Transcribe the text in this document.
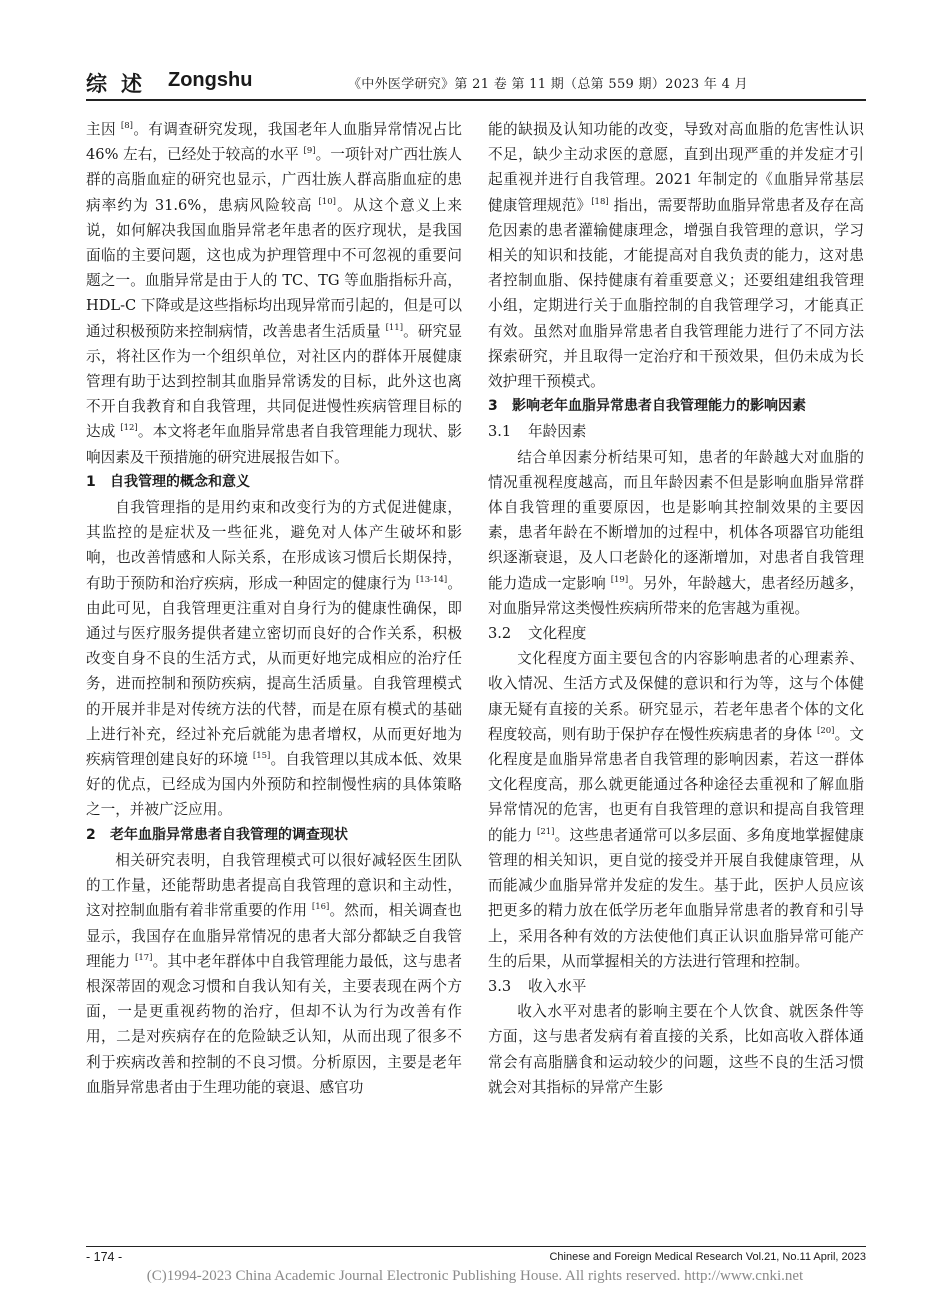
综述 Zongshu	《中外医学研究》第 21 卷 第 11 期（总第 559 期）2023 年 4 月

主因 [8]。有调查研究发现，我国老年人血脂异常情况占比 46% 左右，已经处于较高的水平 [9]。一项针对广西壮族人群的高脂血症的研究也显示，广西壮族人群高脂血症的患病率约为 31.6%，患病风险较高 [10]。从这个意义上来说，如何解决我国血脂异常老年患者的医疗现状，是我国面临的主要问题，这也成为护理管理中不可忽视的重要问题之一。血脂异常是由于人的 TC、TG 等血脂指标升高，HDL-C 下降或是这些指标均出现异常而引起的，但是可以通过积极预防来控制病情，改善患者生活质量 [11]。研究显示，将社区作为一个组织单位，对社区内的群体开展健康管理有助于达到控制其血脂异常诱发的目标，此外这也离不开自我教育和自我管理，共同促进慢性疾病管理目标的达成 [12]。本文将老年血脂异常患者自我管理能力现状、影响因素及干预措施的研究进展报告如下。

1 自我管理的概念和意义

自我管理指的是用约束和改变行为的方式促进健康，其监控的是症状及一些征兆，避免对人体产生破坏和影响，也改善情感和人际关系，在形成该习惯后长期保持，有助于预防和治疗疾病，形成一种固定的健康行为 [13-14]。由此可见，自我管理更注重对自身行为的健康性确保，即通过与医疗服务提供者建立密切而良好的合作关系，积极改变自身不良的生活方式，从而更好地完成相应的治疗任务，进而控制和预防疾病，提高生活质量。自我管理模式的开展并非是对传统方法的代替，而是在原有模式的基础上进行补充，经过补充后就能为患者增权，从而更好地为疾病管理创建良好的环境 [15]。自我管理以其成本低、效果好的优点，已经成为国内外预防和控制慢性病的具体策略之一，并被广泛应用。

2 老年血脂异常患者自我管理的调查现状

相关研究表明，自我管理模式可以很好减轻医生团队的工作量，还能帮助患者提高自我管理的意识和主动性，这对控制血脂有着非常重要的作用 [16]。然而，相关调查也显示，我国存在血脂异常情况的患者大部分都缺乏自我管理能力 [17]。其中老年群体中自我管理能力最低，这与患者根深蒂固的观念习惯和自我认知有关，主要表现在两个方面，一是更重视药物的治疗，但却不认为行为改善有作用，二是对疾病存在的危险缺乏认知，从而出现了很多不利于疾病改善和控制的不良习惯。分析原因，主要是老年血脂异常患者由于生理功能的衰退、感官功

能的缺损及认知功能的改变，导致对高血脂的危害性认识不足，缺少主动求医的意愿，直到出现严重的并发症才引起重视并进行自我管理。2021 年制定的《血脂异常基层健康管理规范》[18] 指出，需要帮助血脂异常患者及存在高危因素的患者灌输健康理念，增强自我管理的意识，学习相关的知识和技能，才能提高对自我负责的能力，这对患者控制血脂、保持健康有着重要意义；还要组建组我管理小组，定期进行关于血脂控制的自我管理学习，才能真正有效。虽然对血脂异常患者自我管理能力进行了不同方法探索研究，并且取得一定治疗和干预效果，但仍未成为长效护理干预模式。

3 影响老年血脂异常患者自我管理能力的影响因素
3.1 年龄因素

结合单因素分析结果可知，患者的年龄越大对血脂的情况重视程度越高，而且年龄因素不但是影响血脂异常群体自我管理的重要原因，也是影响其控制效果的主要因素，患者年龄在不断增加的过程中，机体各项器官功能组织逐渐衰退，及人口老龄化的逐渐增加，对患者自我管理能力造成一定影响 [19]。另外，年龄越大，患者经历越多，对血脂异常这类慢性疾病所带来的危害越为重视。

3.2 文化程度

文化程度方面主要包含的内容影响患者的心理素养、收入情况、生活方式及保健的意识和行为等，这与个体健康无疑有直接的关系。研究显示，若老年患者个体的文化程度较高，则有助于保护存在慢性疾病患者的身体 [20]。文化程度是血脂异常患者自我管理的影响因素，若这一群体文化程度高，那么就更能通过各种途径去重视和了解血脂异常情况的危害，也更有自我管理的意识和提高自我管理的能力 [21]。这些患者通常可以多层面、多角度地掌握健康管理的相关知识，更自觉的接受并开展自我健康管理，从而能减少血脂异常并发症的发生。基于此，医护人员应该把更多的精力放在低学历老年血脂异常患者的教育和引导上，采用各种有效的方法使他们真正认识血脂异常可能产生的后果，从而掌握相关的方法进行管理和控制。

3.3 收入水平

收入水平对患者的影响主要在个人饮食、就医条件等方面，这与患者发病有着直接的关系，比如高收入群体通常会有高脂膳食和运动较少的问题，这些不良的生活习惯就会对其指标的异常产生影

- 174 -	Chinese and Foreign Medical Research Vol.21, No.11 April, 2023
(C)1994-2023 China Academic Journal Electronic Publishing House. All rights reserved. http://www.cnki.net
